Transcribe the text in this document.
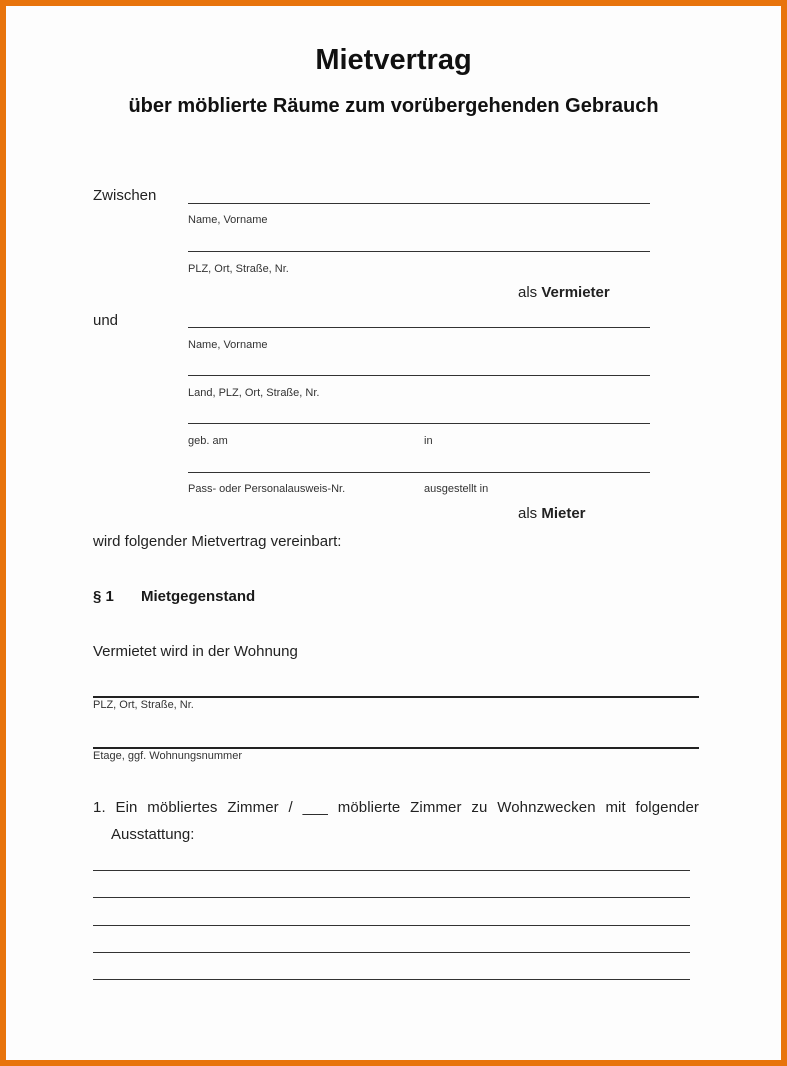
Mietvertrag
über möblierte Räume zum vorübergehenden Gebrauch
Zwischen
Name, Vorname
PLZ, Ort, Straße, Nr.
als Vermieter
und
Name, Vorname
Land, PLZ, Ort, Straße, Nr.
geb. am	in
Pass- oder Personalausweis-Nr.	ausgestellt in
als Mieter
wird folgender Mietvertrag vereinbart:
§ 1 Mietgegenstand
Vermietet wird in der Wohnung
PLZ, Ort, Straße, Nr.
Etage, ggf. Wohnungsnummer
1. Ein möbliertes Zimmer / ___ möblierte Zimmer zu Wohnzwecken mit folgender
Ausstattung:
